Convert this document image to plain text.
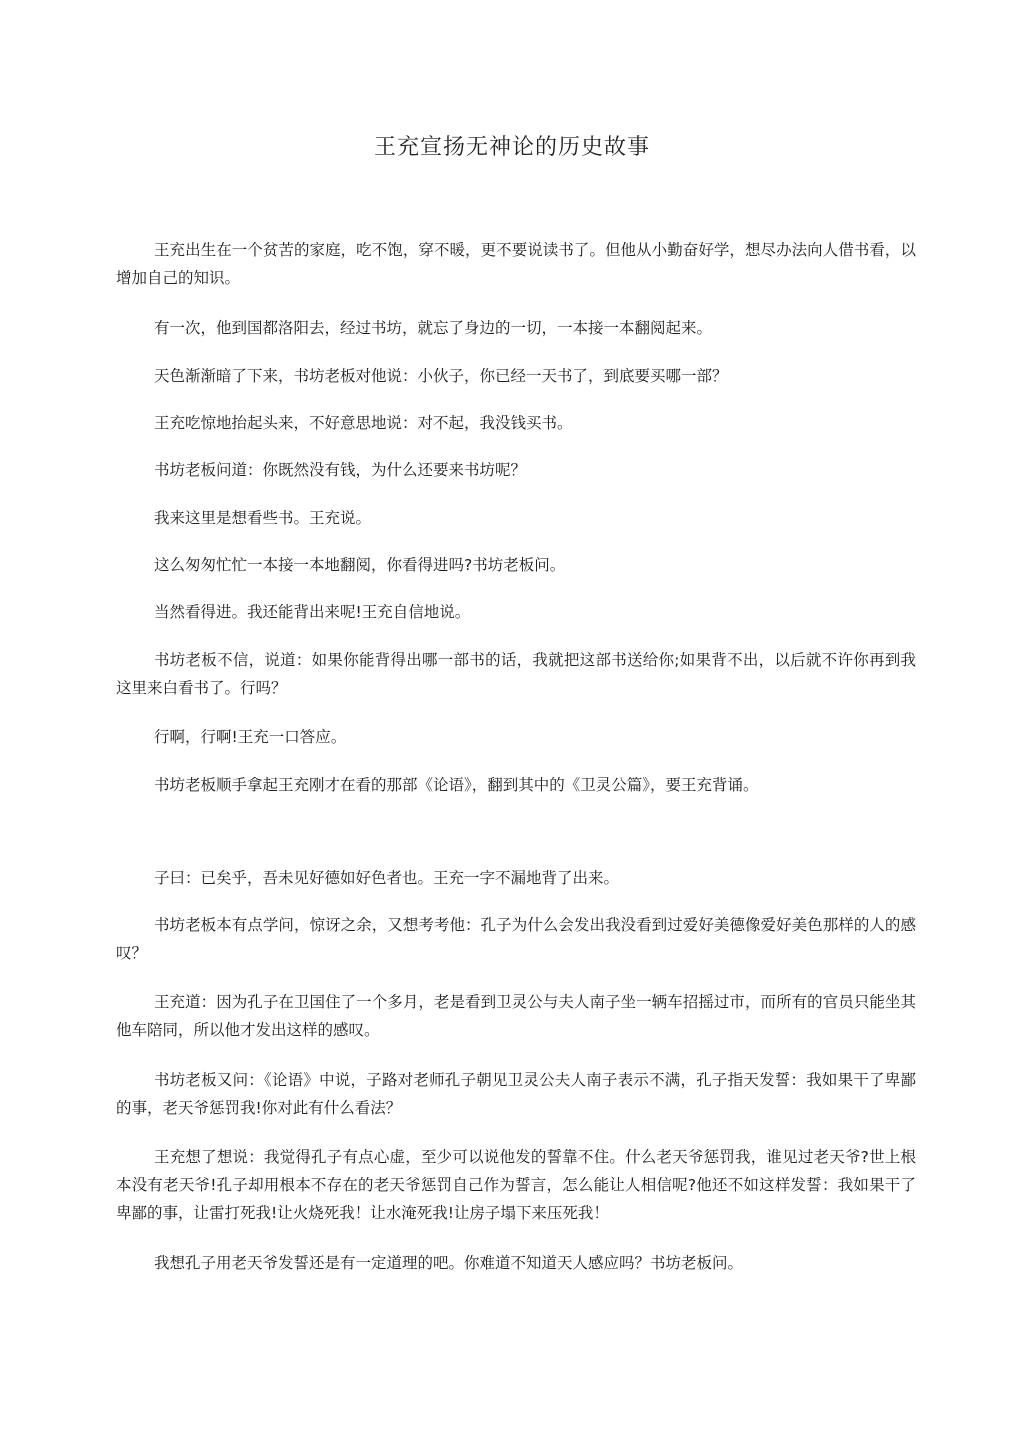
王充宣扬无神论的历史故事

王充出生在一个贫苦的家庭，吃不饱，穿不暖，更不要说读书了。但他从小勤奋好学，想尽办法向人借书看，以增加自己的知识。

有一次，他到国都洛阳去，经过书坊，就忘了身边的一切，一本接一本翻阅起来。

天色渐渐暗了下来，书坊老板对他说：小伙子，你已经一天书了，到底要买哪一部？

王充吃惊地抬起头来，不好意思地说：对不起，我没钱买书。

书坊老板问道：你既然没有钱，为什么还要来书坊呢？

我来这里是想看些书。王充说。

这么匆匆忙忙一本接一本地翻阅，你看得进吗?书坊老板问。

当然看得进。我还能背出来呢!王充自信地说。

书坊老板不信，说道：如果你能背得出哪一部书的话，我就把这部书送给你;如果背不出，以后就不许你再到我这里来白看书了。行吗？

行啊，行啊!王充一口答应。

书坊老板顺手拿起王充刚才在看的那部《论语》，翻到其中的《卫灵公篇》，要王充背诵。

子曰：已矣乎，吾未见好德如好色者也。王充一字不漏地背了出来。

书坊老板本有点学问，惊讶之余，又想考考他：孔子为什么会发出我没看到过爱好美德像爱好美色那样的人的感叹？

王充道：因为孔子在卫国住了一个多月，老是看到卫灵公与夫人南子坐一辆车招摇过市，而所有的官员只能坐其他车陪同，所以他才发出这样的感叹。

书坊老板又问：《论语》中说，子路对老师孔子朝见卫灵公夫人南子表示不满，孔子指天发誓：我如果干了卑鄙的事，老天爷惩罚我!你对此有什么看法？

王充想了想说：我觉得孔子有点心虚，至少可以说他发的誓靠不住。什么老天爷惩罚我，谁见过老天爷?世上根本没有老天爷!孔子却用根本不存在的老天爷惩罚自己作为誓言，怎么能让人相信呢?他还不如这样发誓：我如果干了卑鄙的事，让雷打死我!让火烧死我！让水淹死我!让房子塌下来压死我！

我想孔子用老天爷发誓还是有一定道理的吧。你难道不知道天人感应吗？书坊老板问。
